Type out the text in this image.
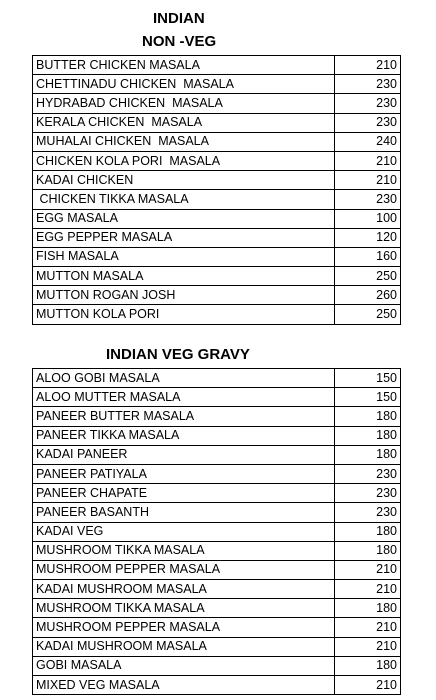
INDIAN
NON -VEG
BUTTER CHICKEN MASALA	210
CHETTINADU CHICKEN  MASALA	230
HYDRABAD CHICKEN  MASALA	230
KERALA CHICKEN  MASALA	230
MUHALAI CHICKEN  MASALA	240
CHICKEN KOLA PORI  MASALA	210
KADAI CHICKEN	210
CHICKEN TIKKA MASALA	230
EGG MASALA	100
EGG PEPPER MASALA	120
FISH MASALA	160
MUTTON MASALA	250
MUTTON ROGAN JOSH	260
MUTTON KOLA PORI	250
INDIAN VEG GRAVY
ALOO GOBI MASALA	150
ALOO MUTTER MASALA	150
PANEER BUTTER MASALA	180
PANEER TIKKA MASALA	180
KADAI PANEER	180
PANEER PATIYALA	230
PANEER CHAPATE	230
PANEER BASANTH	230
KADAI VEG	180
MUSHROOM TIKKA MASALA	180
MUSHROOM PEPPER MASALA	210
KADAI MUSHROOM MASALA	210
MUSHROOM TIKKA MASALA	180
MUSHROOM PEPPER MASALA	210
KADAI MUSHROOM MASALA	210
GOBI MASALA	180
MIXED VEG MASALA	210
